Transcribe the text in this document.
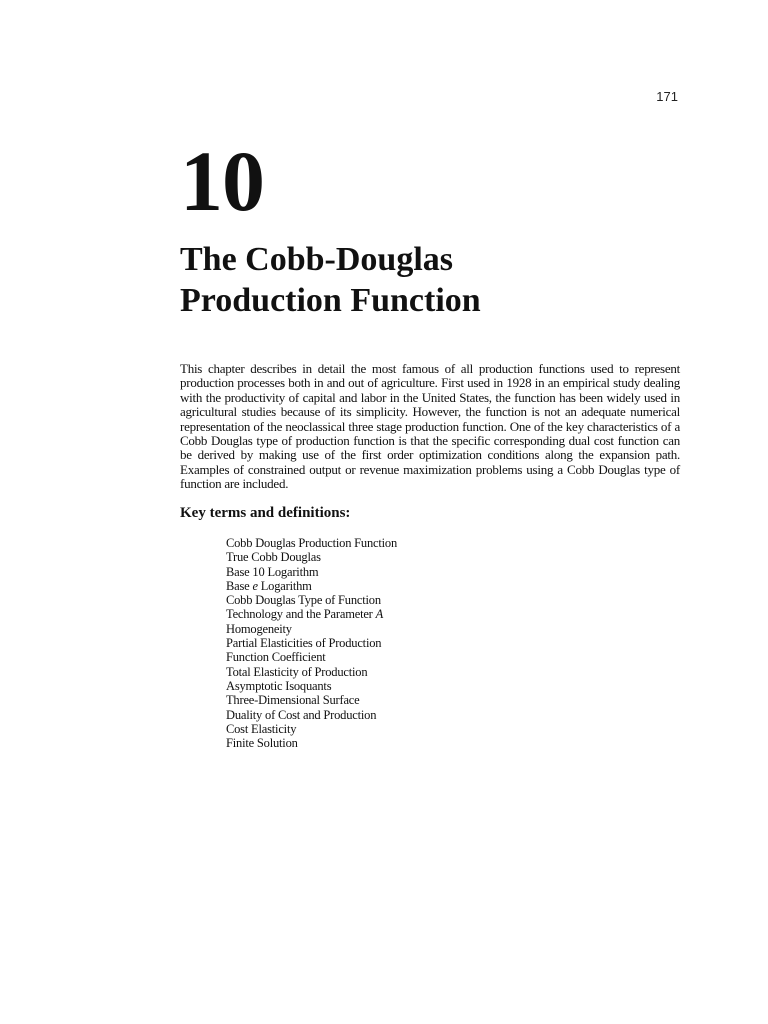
171
10
The Cobb-Douglas
Production Function

This chapter describes in detail the most famous of all production functions used to represent production processes both in and out of agriculture. First used in 1928 in an empirical study dealing with the productivity of capital and labor in the United States, the function has been widely used in agricultural studies because of its simplicity. However, the function is not an adequate numerical representation of the neoclassical three stage production function. One of the key characteristics of a Cobb Douglas type of production function is that the specific corresponding dual cost function can be derived by making use of the first order optimization conditions along the expansion path. Examples of constrained output or revenue maximization problems using a Cobb Douglas type of function are included.

Key terms and definitions:
Cobb Douglas Production Function
True Cobb Douglas
Base 10 Logarithm
Base e Logarithm
Cobb Douglas Type of Function
Technology and the Parameter A
Homogeneity
Partial Elasticities of Production
Function Coefficient
Total Elasticity of Production
Asymptotic Isoquants
Three-Dimensional Surface
Duality of Cost and Production
Cost Elasticity
Finite Solution
